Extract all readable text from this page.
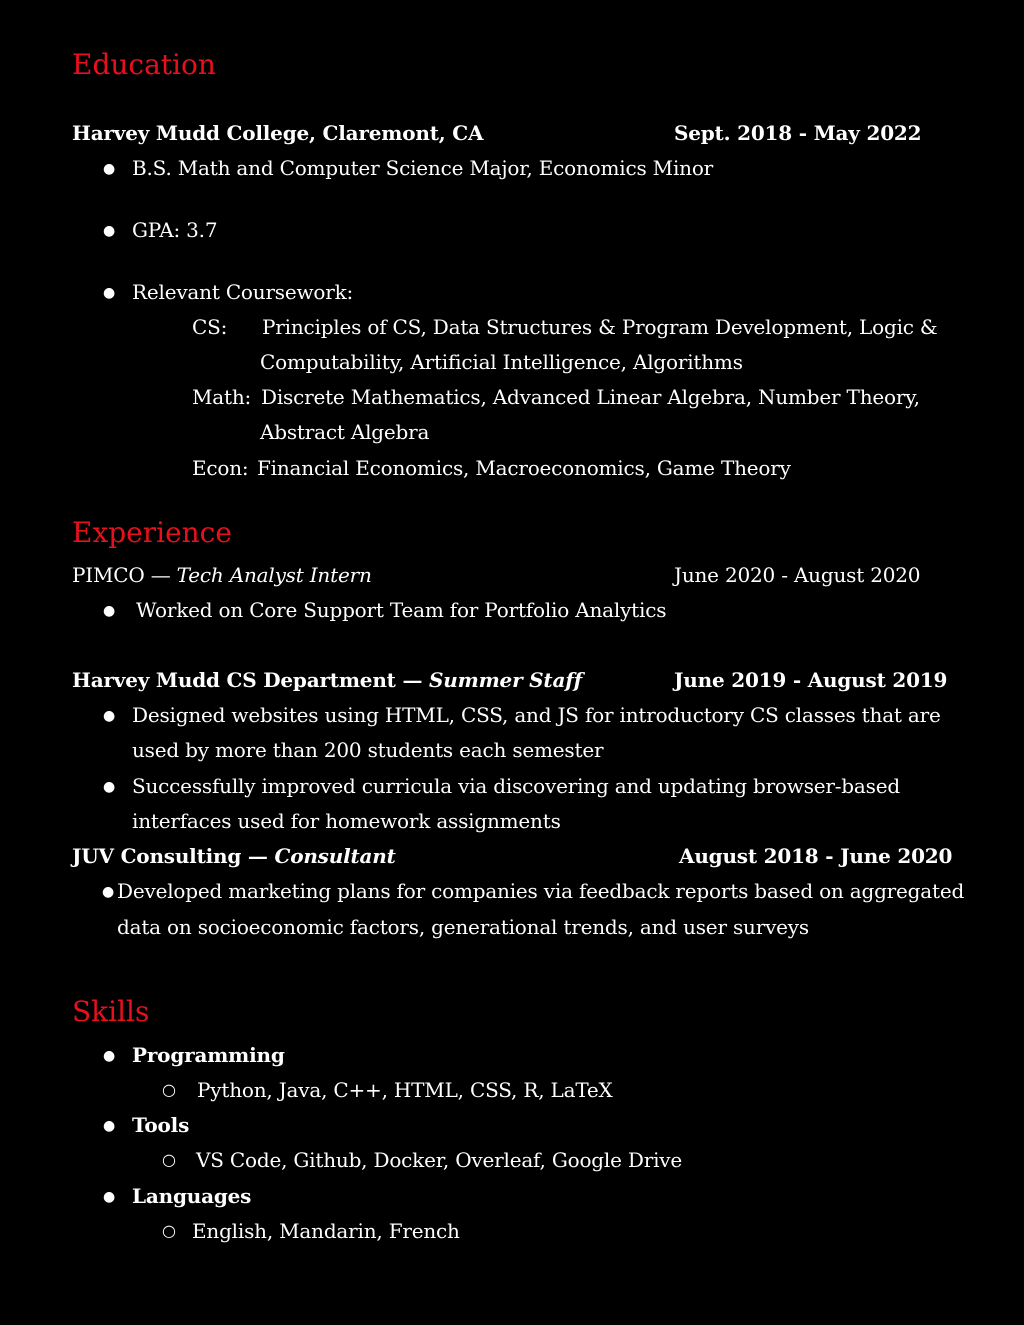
Education
Harvey Mudd College, Claremont, CA	Sept. 2018 - May 2022
● B.S. Math and Computer Science Major, Economics Minor
● GPA: 3.7
● Relevant Coursework:
CS: Principles of CS, Data Structures & Program Development, Logic &
Computability, Artificial Intelligence, Algorithms
Math: Discrete Mathematics, Advanced Linear Algebra, Number Theory,
Abstract Algebra
Econ: Financial Economics, Macroeconomics, Game Theory
Experience
PIMCO — Tech Analyst Intern	June 2020 - August 2020
● Worked on Core Support Team for Portfolio Analytics
Harvey Mudd CS Department — Summer Staff	June 2019 - August 2019
● Designed websites using HTML, CSS, and JS for introductory CS classes that are
used by more than 200 students each semester
● Successfully improved curricula via discovering and updating browser-based
interfaces used for homework assignments
JUV Consulting — Consultant	August 2018 - June 2020
● Developed marketing plans for companies via feedback reports based on aggregated
data on socioeconomic factors, generational trends, and user surveys
Skills
● Programming
○ Python, Java, C++, HTML, CSS, R, LaTeX
● Tools
○ VS Code, Github, Docker, Overleaf, Google Drive
● Languages
○ English, Mandarin, French
